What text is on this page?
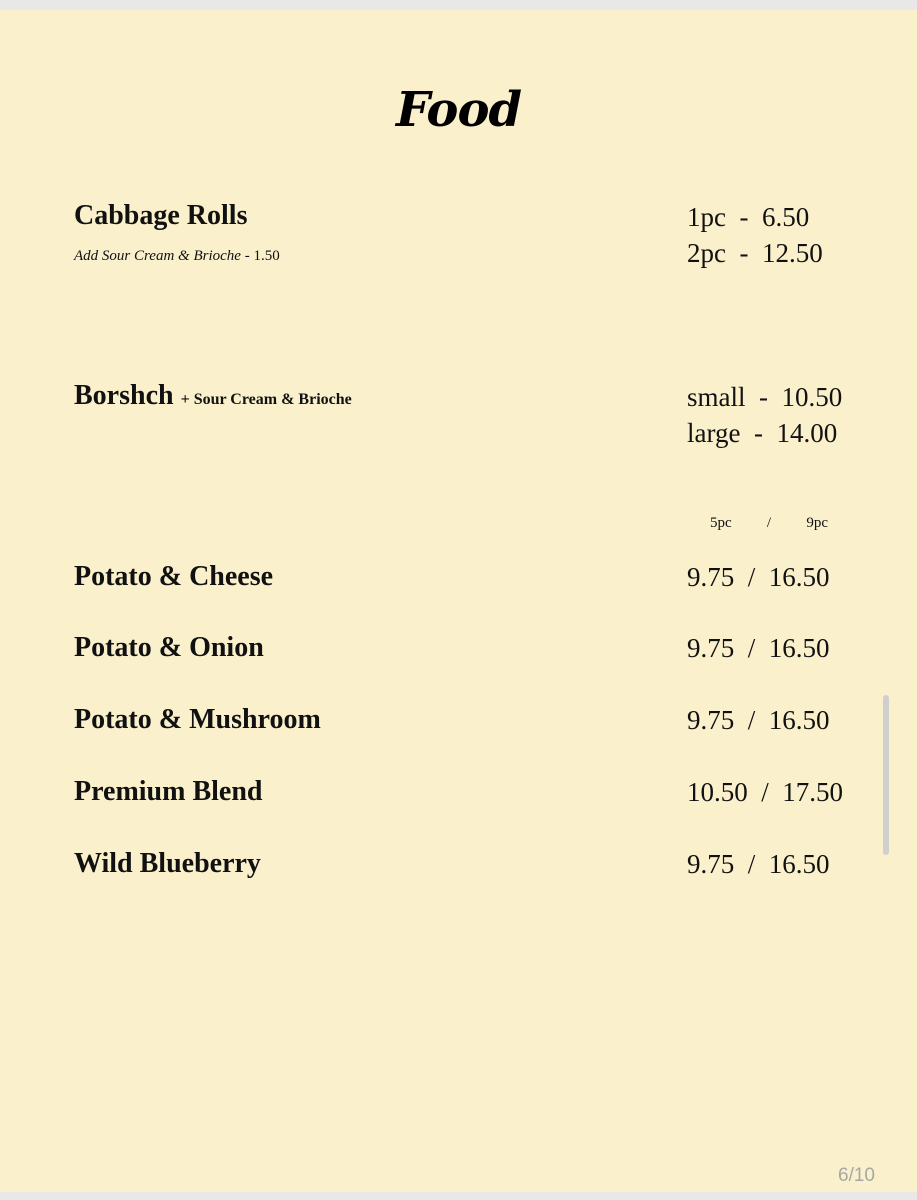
Food
Cabbage Rolls
Add Sour Cream & Brioche - 1.50
1pc  -  6.50
2pc  -  12.50
Borshch + Sour Cream & Brioche	small  -  10.50
large  -  14.00
5pc   /   9pc
Potato & Cheese	9.75  /  16.50
Potato & Onion	9.75  /  16.50
Potato & Mushroom	9.75  /  16.50
Premium Blend	10.50  /  17.50
Wild Blueberry	9.75  /  16.50
6/10
